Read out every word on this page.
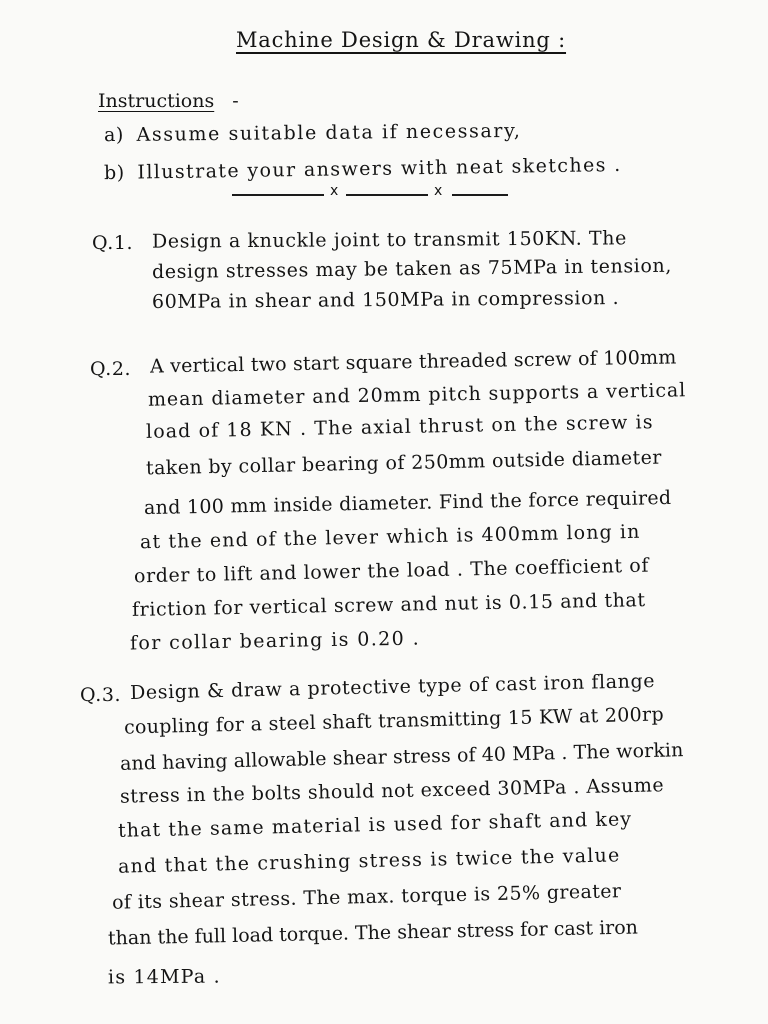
Machine Design & Drawing :
Instructions -
a) Assume suitable data if necessary,
b) Illustrate your answers with neat sketches .
x	x
Q.1. Design a knuckle joint to transmit 150KN. The
design stresses may be taken as 75MPa in tension,
60MPa in shear and 150MPa in compression .
Q.2. A vertical two start square threaded screw of 100mm
mean diameter and 20mm pitch supports a vertical
load of 18 KN . The axial thrust on the screw is
taken by collar bearing of 250mm outside diameter
and 100 mm inside diameter. Find the force required
at the end of the lever which is 400mm long in
order to lift and lower the load . The coefficient of
friction for vertical screw and nut is 0.15 and that
for collar bearing is 0.20 .
Q.3. Design & draw a protective type of cast iron flange
coupling for a steel shaft transmitting 15 KW at 200rp
and having allowable shear stress of 40 MPa . The workin
stress in the bolts should not exceed 30MPa . Assume
that the same material is used for shaft and key
and that the crushing stress is twice the value
of its shear stress. The max. torque is 25% greater
than the full load torque. The shear stress for cast iron
is 14MPa .
